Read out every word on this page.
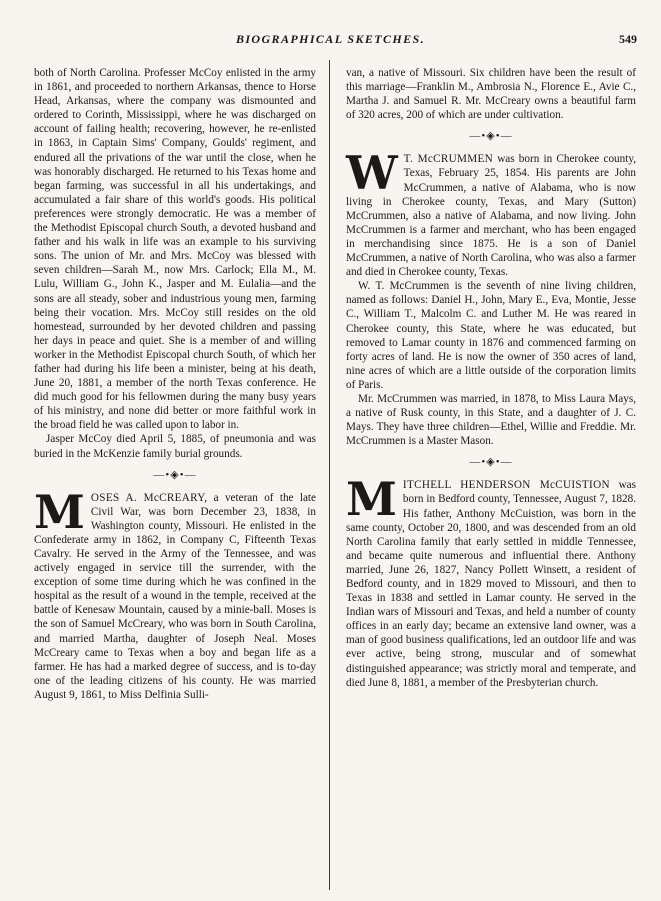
BIOGRAPHICAL SKETCHES.	549

both of North Carolina. Professer McCoy enlisted in the army in 1861, and proceeded to northern Arkansas, thence to Horse Head, Arkansas, where the company was dismounted and ordered to Corinth, Mississippi, where he was discharged on account of failing health; recovering, however, he re-enlisted in 1863, in Captain Sims' Company, Goulds' regiment, and endured all the privations of the war until the close, when he was honorably discharged. He returned to his Texas home and began farming, was successful in all his undertakings, and accumulated a fair share of this world's goods. His political preferences were strongly democratic. He was a member of the Methodist Episcopal church South, a devoted husband and father and his walk in life was an example to his surviving sons. The union of Mr. and Mrs. McCoy was blessed with seven children—Sarah M., now Mrs. Carlock; Ella M., M. Lulu, William G., John K., Jasper and M. Eulalia—and the sons are all steady, sober and industrious young men, farming being their vocation. Mrs. McCoy still resides on the old homestead, surrounded by her devoted children and passing her days in peace and quiet. She is a member of and willing worker in the Methodist Episcopal church South, of which her father had during his life been a minister, being at his death, June 20, 1881, a member of the north Texas conference. He did much good for his fellowmen during the many busy years of his ministry, and none did better or more faithful work in the broad field he was called upon to labor in.

Jasper McCoy died April 5, 1885, of pneumonia and was buried in the McKenzie family burial grounds.

—•◈•—

MOSES A. McCREARY, a veteran of the late Civil War, was born December 23, 1838, in Washington county, Missouri. He enlisted in the Confederate army in 1862, in Company C, Fifteenth Texas Cavalry. He served in the Army of the Tennessee, and was actively engaged in service till the surrender, with the exception of some time during which he was confined in the hospital as the result of a wound in the temple, received at the battle of Kenesaw Mountain, caused by a minie-ball. Moses is the son of Samuel McCreary, who was born in South Carolina, and married Martha, daughter of Joseph Neal. Moses McCreary came to Texas when a boy and began life as a farmer. He has had a marked degree of success, and is to-day one of the leading citizens of his county. He was married August 9, 1861, to Miss Delfinia Sulli-

van, a native of Missouri. Six children have been the result of this marriage—Franklin M., Ambrosia N., Florence E., Avie C., Martha J. and Samuel R. Mr. McCreary owns a beautiful farm of 320 acres, 200 of which are under cultivation.

—•◈•—

W T. McCRUMMEN was born in Cherokee county, Texas, February 25, 1854. His parents are John McCrummen, a native of Alabama, who is now living in Cherokee county, Texas, and Mary (Sutton) McCrummen, also a native of Alabama, and now living. John McCrummen is a farmer and merchant, who has been engaged in merchandising since 1875. He is a son of Daniel McCrummen, a native of North Carolina, who was also a farmer and died in Cherokee county, Texas.

W. T. McCrummen is the seventh of nine living children, named as follows: Daniel H., John, Mary E., Eva, Montie, Jesse C., William T., Malcolm C. and Luther M. He was reared in Cherokee county, this State, where he was educated, but removed to Lamar county in 1876 and commenced farming on forty acres of land. He is now the owner of 350 acres of land, nine acres of which are a little outside of the corporation limits of Paris.

Mr. McCrummen was married, in 1878, to Miss Laura Mays, a native of Rusk county, in this State, and a daughter of J. C. Mays. They have three children—Ethel, Willie and Freddie. Mr. McCrummen is a Master Mason.

—•◈•—

MITCHELL HENDERSON McCUISTION was born in Bedford county, Tennessee, August 7, 1828. His father, Anthony McCuistion, was born in the same county, October 20, 1800, and was descended from an old North Carolina family that early settled in middle Tennessee, and became quite numerous and influential there. Anthony married, June 26, 1827, Nancy Pollett Winsett, a resident of Bedford county, and in 1829 moved to Missouri, and then to Texas in 1838 and settled in Lamar county. He served in the Indian wars of Missouri and Texas, and held a number of county offices in an early day; became an extensive land owner, was a man of good business qualifications, led an outdoor life and was ever active, being strong, muscular and of somewhat distinguished appearance; was strictly moral and temperate, and died June 8, 1881, a member of the Presbyterian church.
